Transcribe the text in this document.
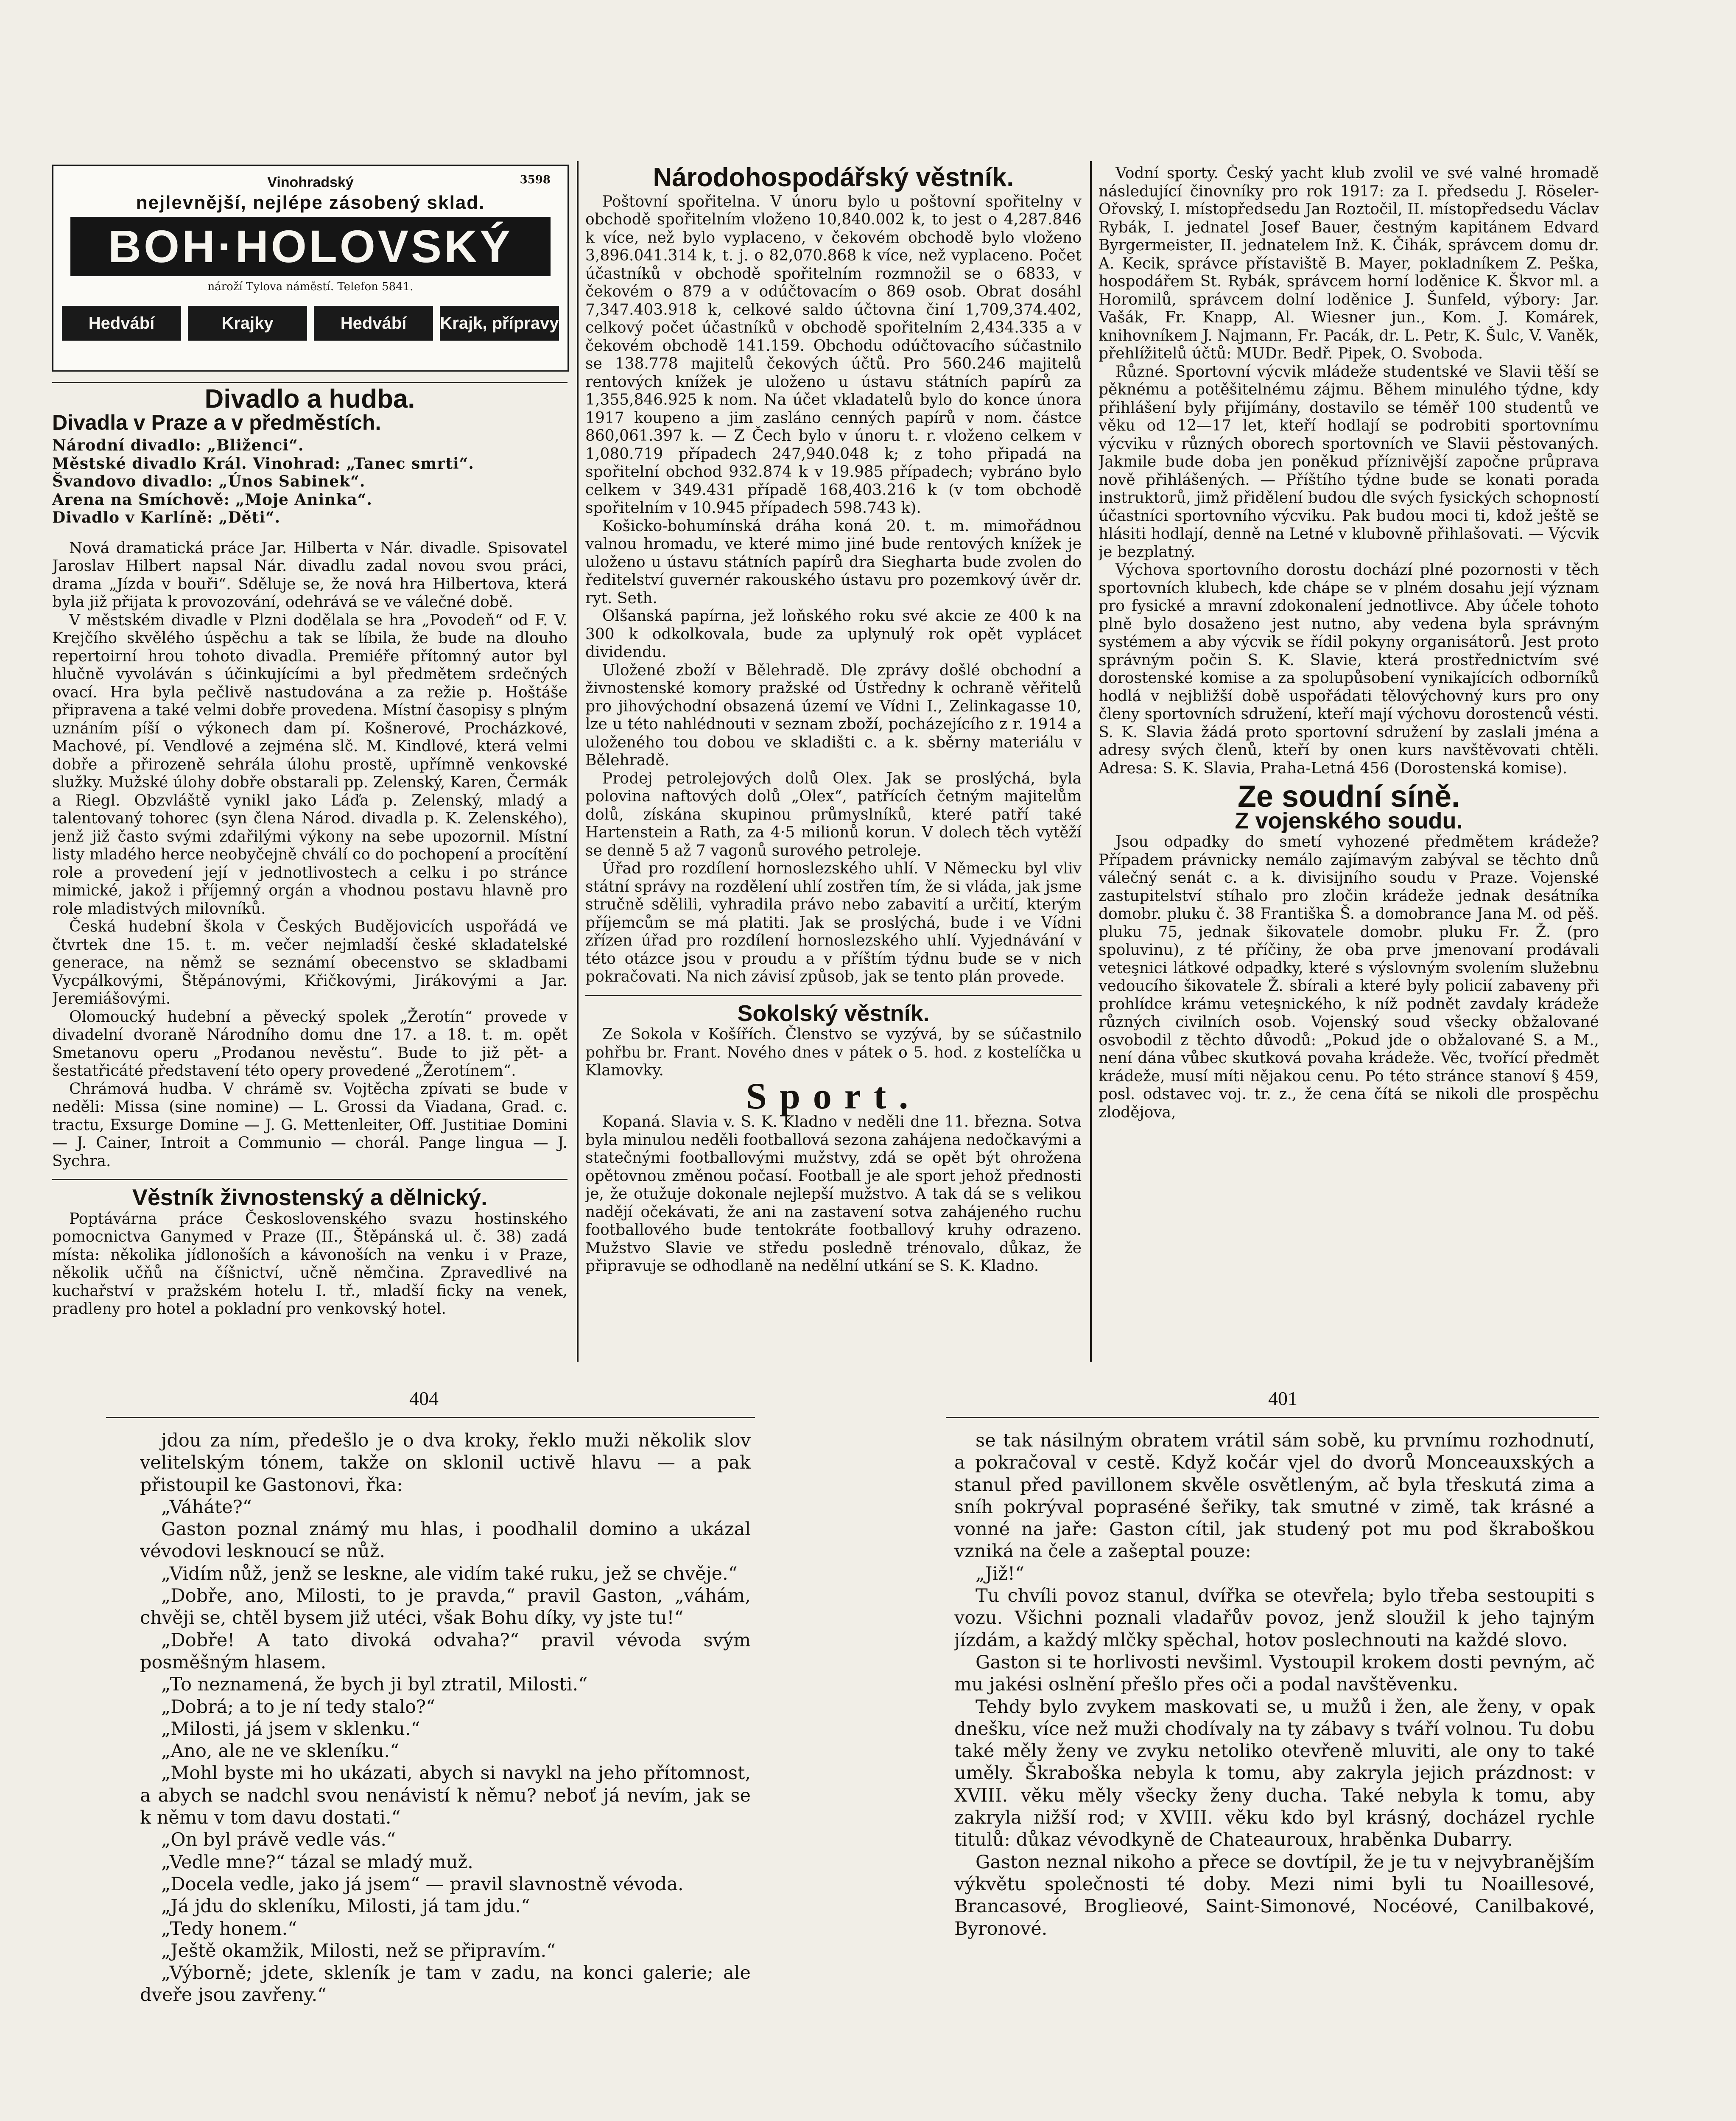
3598
Vinohradský
nejlevnější, nejlépe zásobený sklad.
BOH·HOLOVSKÝ
nároží Tylova náměstí. Telefon 5841.
Hedvábí	Krajky	Hedvábí	Krajk, přípravy
Divadlo a hudba.
Divadla v Praze a v předměstích.

Národní divadlo: „Bliženci“.

Městské divadlo Král. Vinohrad: „Tanec smrti“.

Švandovo divadlo: „Únos Sabinek“.

Arena na Smíchově: „Moje Aninka“.

Divadlo v Karlíně: „Děti“.

Nová dramatická práce Jar. Hilberta v Nár. divadle. Spisovatel Jaroslav Hilbert napsal Nár. divadlu zadal novou svou práci, drama „Jízda v bouři“. Sděluje se, že nová hra Hilbertova, která byla již přijata k provozování, odehrává se ve válečné době.

V městském divadle v Plzni dodělala se hra „Povodeň“ od F. V. Krejčího skvělého úspěchu a tak se líbila, že bude na dlouho repertoirní hrou tohoto divadla. Premiéře přítomný autor byl hlučně vyvoláván s účinkujícími a byl předmětem srdečných ovací. Hra byla pečlivě nastudována a za režie p. Hoštáše připravena a také velmi dobře provedena. Místní časopisy s plným uznáním píší o výkonech dam pí. Košnerové, Procházkové, Machové, pí. Vendlové a zejména slč. M. Kindlové, která velmi dobře a přirozeně sehrála úlohu prostě, upřímně venkovské služky. Mužské úlohy dobře obstarali pp. Zelenský, Karen, Čermák a Riegl. Obzvláště vynikl jako Láďa p. Zelenský, mladý a talentovaný tohorec (syn člena Národ. divadla p. K. Zelenského), jenž již často svými zdařilými výkony na sebe upozornil. Místní listy mladého herce neobyčejně chválí co do pochopení a procítění role a provedení její v jednotlivostech a celku i po stránce mimické, jakož i příjemný orgán a vhodnou postavu hlavně pro role mladistvých milovníků.

Česká hudební škola v Českých Budějovicích uspořádá ve čtvrtek dne 15. t. m. večer nejmladší české skladatelské generace, na němž se seznámí obecenstvo se skladbami Vycpálkovými, Štěpánovými, Křičkovými, Jirákovými a Jar. Jeremiášovými.

Olomoucký hudební a pěvecký spolek „Žerotín“ provede v divadelní dvoraně Národního domu dne 17. a 18. t. m. opět Smetanovu operu „Prodanou nevěstu“. Bude to již pět- a šestatřicáté představení této opery provedené „Žerotínem“.

Chrámová hudba. V chrámě sv. Vojtěcha zpívati se bude v neděli: Missa (sine nomine) — L. Grossi da Viadana, Grad. c. tractu, Exsurge Domine — J. G. Mettenleiter, Off. Justitiae Domini — J. Cainer, Introit a Communio — chorál. Pange lingua — J. Sychra.

Věstník živnostenský a dělnický.

Poptávárna práce Československého svazu hostinského pomocnictva Ganymed v Praze (II., Štěpánská ul. č. 38) zadá místa: několika jídlonoších a kávonoších na venku i v Praze, několik učňů na číšnictví, učně němčina. Zpravedlivé na kuchařství v pražském hotelu I. tř., mladší ficky na venek, pradleny pro hotel a pokladní pro venkovský hotel.

Národohospodářský věstník.

Poštovní spořitelna. V únoru bylo u poštovní spořitelny v obchodě spořitelním vloženo 10,840.002 k, to jest o 4,287.846 k více, než bylo vyplaceno, v čekovém obchodě bylo vloženo 3,896.041.314 k, t. j. o 82,070.868 k více, než vyplaceno. Počet účastníků v obchodě spořitelním rozmnožil se o 6833, v čekovém o 879 a v odúčtovacím o 869 osob. Obrat dosáhl 7,347.403.918 k, celkové saldo účtovna činí 1,709,374.402, celkový počet účastníků v obchodě spořitelním 2,434.335 a v čekovém obchodě 141.159. Obchodu odúčtovacího súčastnilo se 138.778 majitelů čekových účtů. Pro 560.246 majitelů rentových knížek je uloženo u ústavu státních papírů za 1,355,846.925 k nom. Na účet vkladatelů bylo do konce února 1917 koupeno a jim zasláno cenných papírů v nom. částce 860,061.397 k. — Z Čech bylo v únoru t. r. vloženo celkem v 1,080.719 případech 247,940.048 k; z toho připadá na spořitelní obchod 932.874 k v 19.985 případech; vybráno bylo celkem v 349.431 případě 168,403.216 k (v tom obchodě spořitelním v 10.945 případech 598.743 k).

Košicko-bohumínská dráha koná 20. t. m. mimořádnou valnou hromadu, ve které mimo jiné bude rentových knížek je uloženo u ústavu státních papírů dra Sieghartа bude zvolen do ředitelství guvernér rakouského ústavu pro pozemkový úvěr dr. ryt. Seth.

Olšanská papírna, jež loňského roku své akcie ze 400 k na 300 k odkolkovala, bude za uplynulý rok opět vyplácet dividendu.

Uložené zboží v Bělehradě. Dle zprávy došlé obchodní a živnostenské komory pražské od Ústředny k ochraně věřitelů pro jihovýchodní obsazená území ve Vídni I., Zelinkagasse 10, lze u této nahlédnouti v seznam zboží, pocházejícího z r. 1914 a uloženého tou dobou ve skladišti c. a k. sběrny materiálu v Bělehradě.

Prodej petrolejových dolů Olex. Jak se proslýchá, byla polovina naftových dolů „Olex“, patřících četným majitelům dolů, získána skupinou průmyslníků, které patří také Hartenstein a Rath, za 4·5 milionů korun. V dolech těch vytěží se denně 5 až 7 vagonů surového petroleje.

Úřad pro rozdílení hornoslezského uhlí. V Německu byl vliv státní správy na rozdělení uhlí zostřen tím, že si vláda, jak jsme stručně sdělili, vyhradila právo nebo zabavití a určití, kterým příjemcům se má platiti. Jak se proslýchá, bude i ve Vídni zřízen úřad pro rozdílení hornoslezského uhlí. Vyjednávání v této otázce jsou v proudu a v příštím týdnu bude se v nich pokračovati. Na nich závisí způsob, jak se tento plán provede.

Sokolský věstník.

Ze Sokola v Košířích. Členstvo se vyzývá, by se súčastnilo pohřbu br. Frant. Nového dnes v pátek o 5. hod. z kostelíčka u Klamovky.

Sport.

Kopaná. Slavia v. S. K. Kladno v neděli dne 11. března. Sotva byla minulou neděli footballová sezona zahájena nedočkavými a statečnými footballovými mužstvy, zdá se opět být ohrožena opětovnou změnou počasí. Football je ale sport jehož přednosti je, že otužuje dokonale nejlepší mužstvo. A tak dá se s velikou nadějí očekávati, že ani na zastavení sotva zahájeného ruchu footballového bude tentokráte footballový kruhy odrazeno. Mužstvo Slavie ve středu posledně trénovalo, důkaz, že připravuje se odhodlaně na nedělní utkání se S. K. Kladno.

Vodní sporty. Český yacht klub zvolil ve své valné hromadě následující činovníky pro rok 1917: za I. předsedu J. Röseler-Ořovský, I. místopředsedu Jan Roztočil, II. místopředsedu Václav Rybák, I. jednatel Josef Bauer, čestným kapitánem Edvard Byrgermeister, II. jednatelem Inž. K. Čihák, správcem domu dr. A. Kecik, správce přístaviště B. Mayer, pokladníkem Z. Peška, hospodářem St. Rybák, správcem horní loděnice K. Škvor ml. a Horomilů, správcem dolní loděnice J. Šunfeld, výbory: Jar. Vašák, Fr. Knapp, Al. Wiesner jun., Kom. J. Komárek, knihovníkem J. Najmann, Fr. Pacák, dr. L. Petr, K. Šulc, V. Vaněk, přehlížitelů účtů: MUDr. Bedř. Pipek, O. Svoboda.

Různé. Sportovní výcvik mládeže studentské ve Slavii těší se pěknému a potěšitelnému zájmu. Během minulého týdne, kdy přihlášení byly přijímány, dostavilo se téměř 100 studentů ve věku od 12—17 let, kteří hodlají se podrobiti sportovnímu výcviku v různých oborech sportovních ve Slavii pěstovaných. Jakmile bude doba jen poněkud příznivější započne průprava nově přihlášených. — Příštího týdne bude se konati porada instruktorů, jimž přidělení budou dle svých fysických schopností účastníci sportovního výcviku. Pak budou moci ti, kdož ještě se hlásiti hodlají, denně na Letné v klubovně přihlašovati. — Výcvik je bezplatný.

Výchova sportovního dorostu dochází plné pozornosti v těch sportovních klubech, kde chápe se v plném dosahu její význam pro fysické a mravní zdokonalení jednotlivce. Aby účele tohoto plně bylo dosaženo jest nutno, aby vedena byla správným systémem a aby výcvik se řídil pokyny organisátorů. Jest proto správným počin S. K. Slavie, která prostřednictvím své dorostenské komise a za spolupůsobení vynikajících odborníků hodlá v nejbližší době uspořádati tělovýchovný kurs pro ony členy sportovních sdružení, kteří mají výchovu dorostenců vésti. S. K. Slavia žádá proto sportovní sdružení by zaslali jména a adresy svých členů, kteří by onen kurs navštěvovati chtěli. Adresa: S. K. Slavia, Praha-Letná 456 (Dorostenská komise).

Ze soudní síně.
Z vojenského soudu.

Jsou odpadky do smetí vyhozené předmětem krádeže? Případem právnicky nemálo zajímavým zabýval se těchto dnů válečný senát c. a k. divisijního soudu v Praze. Vojenské zastupitelství stíhalo pro zločin krádeže jednak desátníka domobr. pluku č. 38 Františka Š. a domobrance Jana M. od pěš. pluku 75, jednak šikovatele domobr. pluku Fr. Ž. (pro spoluvinu), z té příčiny, že oba prve jmenovaní prodávali veteşnici látkové odpadky, které s výslovným svolením služebnu vedoucího šikovatele Ž. sbírali a které byly policií zabaveny při prohlídce krámu veteşnického, k níž podnět zavdaly krádeže různých civilních osob. Vojenský soud všecky obžalované osvobodil z těchto důvodů: „Pokud jde o obžalované S. a M., není dána vůbec skutková povaha krádeže. Věc, tvořící předmět krádeže, musí míti nějakou cenu. Po této stránce stanoví § 459, posl. odstavec voj. tr. z., že cena čítá se nikoli dle prospěchu zlodějova,

404	401

jdou za ním, předešlo je o dva kroky, řeklo muži několik slov velitelským tónem, takže on sklonil uctivě hlavu — a pak přistoupil ke Gastonovi, řka:

„Váháte?“

Gaston poznal známý mu hlas, i poodhalil domino a ukázal vévodovi lesknoucí se nůž.

„Vidím nůž, jenž se leskne, ale vidím také ruku, jež se chvěje.“

„Dobře, ano, Milosti, to je pravda,“ pravil Gaston, „váhám, chvěji se, chtěl bysem již utéci, však Bohu díky, vy jste tu!“

„Dobře! A tato divoká odvaha?“ pravil vévoda svým posměšným hlasem.

„To neznamená, že bych ji byl ztratil, Milosti.“

„Dobrá; a to je ní tedy stalo?“

„Milosti, já jsem v sklenku.“

„Ano, ale ne ve skleníku.“

„Mohl byste mi ho ukázati, abych si navykl na jeho přítomnost, a abych se nadchl svou nenávistí k němu? neboť já nevím, jak se k němu v tom davu dostati.“

„On byl právě vedle vás.“

„Vedle mne?“ tázal se mladý muž.

„Docela vedle, jako já jsem“ — pravil slavnostně vévoda.

„Já jdu do skleníku, Milosti, já tam jdu.“

„Tedy honem.“

„Ještě okamžik, Milosti, než se připravím.“

„Výborně; jdete, skleník je tam v zadu, na konci galerie; ale dveře jsou zavřeny.“

se tak násilným obratem vrátil sám sobě, ku prvnímu rozhodnutí, a pokračoval v cestě. Když kočár vjel do dvorů Monceauxských a stanul před pavillonem skvěle osvětleným, ač byla třeskutá zima a sníh pokrýval popraséné šeřiky, tak smutné v zimě, tak krásné a vonné na jaře: Gaston cítil, jak studený pot mu pod škraboškou vzniká na čele a zašeptal pouze:

„Již!“

Tu chvíli povoz stanul, dvířka se otevřela; bylo třeba sestoupiti s vozu. Všichni poznali vladařův povoz, jenž sloužil k jeho tajným jízdám, a každý mlčky spěchal, hotov poslechnouti na každé slovo.

Gaston si te horlivosti nevšiml. Vystoupil krokem dosti pevným, ač mu jakési oslnění přešlo přes oči a podal navštěvenku.

Tehdy bylo zvykem maskovati se, u mužů i žen, ale ženy, v opak dnešku, více než muži chodívaly na ty zábavy s tváří volnou. Tu dobu také měly ženy ve zvyku netoliko otevřeně mluviti, ale ony to také uměly. Škraboška nebyla k tomu, aby zakryla jejich prázdnost: v XVIII. věku měly všecky ženy ducha. Také nebyla k tomu, aby zakryla nižší rod; v XVIII. věku kdo byl krásný, docházel rychle titulů: důkaz vévodkyně de Chateauroux, hraběnka Dubarry.

Gaston neznal nikoho a přece se dovtípil, že je tu v nejvybranějším výkvětu společnosti té doby. Mezi nimi byli tu Noaillesové, Brancasové, Broglieové, Saint-Simonové, Nocéové, Canilbakové, Byronové.
